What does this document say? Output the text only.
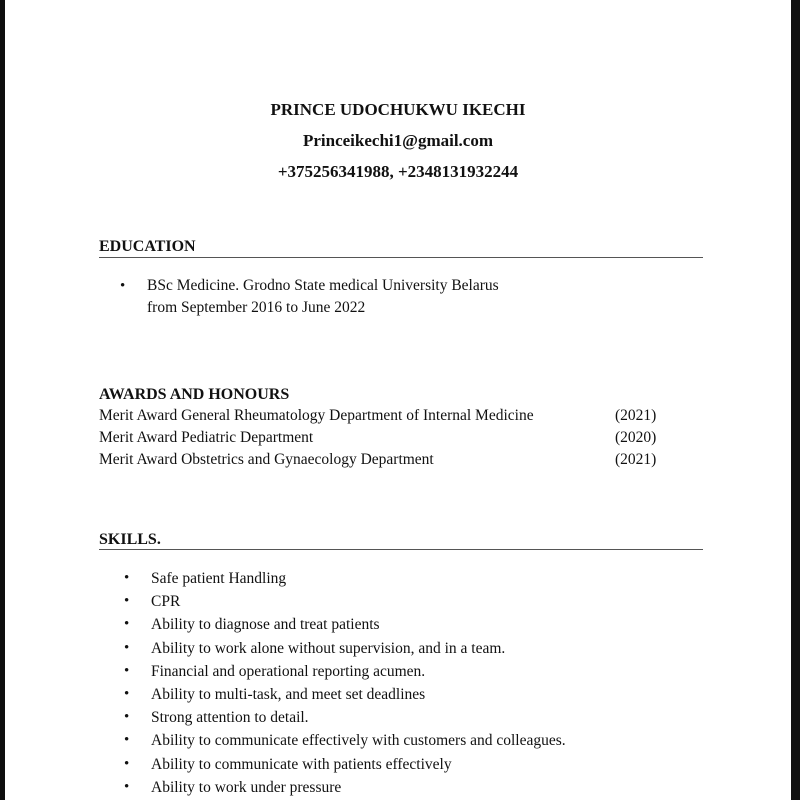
PRINCE UDOCHUKWU IKECHI
Princeikechi1@gmail.com
+375256341988, +2348131932244
EDUCATION
• BSc Medicine. Grodno State medical University Belarus
from September 2016 to June 2022
AWARDS AND HONOURS
Merit Award General Rheumatology Department of Internal Medicine	(2021)
Merit Award Pediatric Department	(2020)
Merit Award Obstetrics and Gynaecology Department	(2021)
SKILLS.
• Safe patient Handling
• CPR
• Ability to diagnose and treat patients
• Ability to work alone without supervision, and in a team.
• Financial and operational reporting acumen.
• Ability to multi-task, and meet set deadlines
• Strong attention to detail.
• Ability to communicate effectively with customers and colleagues.
• Ability to communicate with patients effectively
• Ability to work under pressure
